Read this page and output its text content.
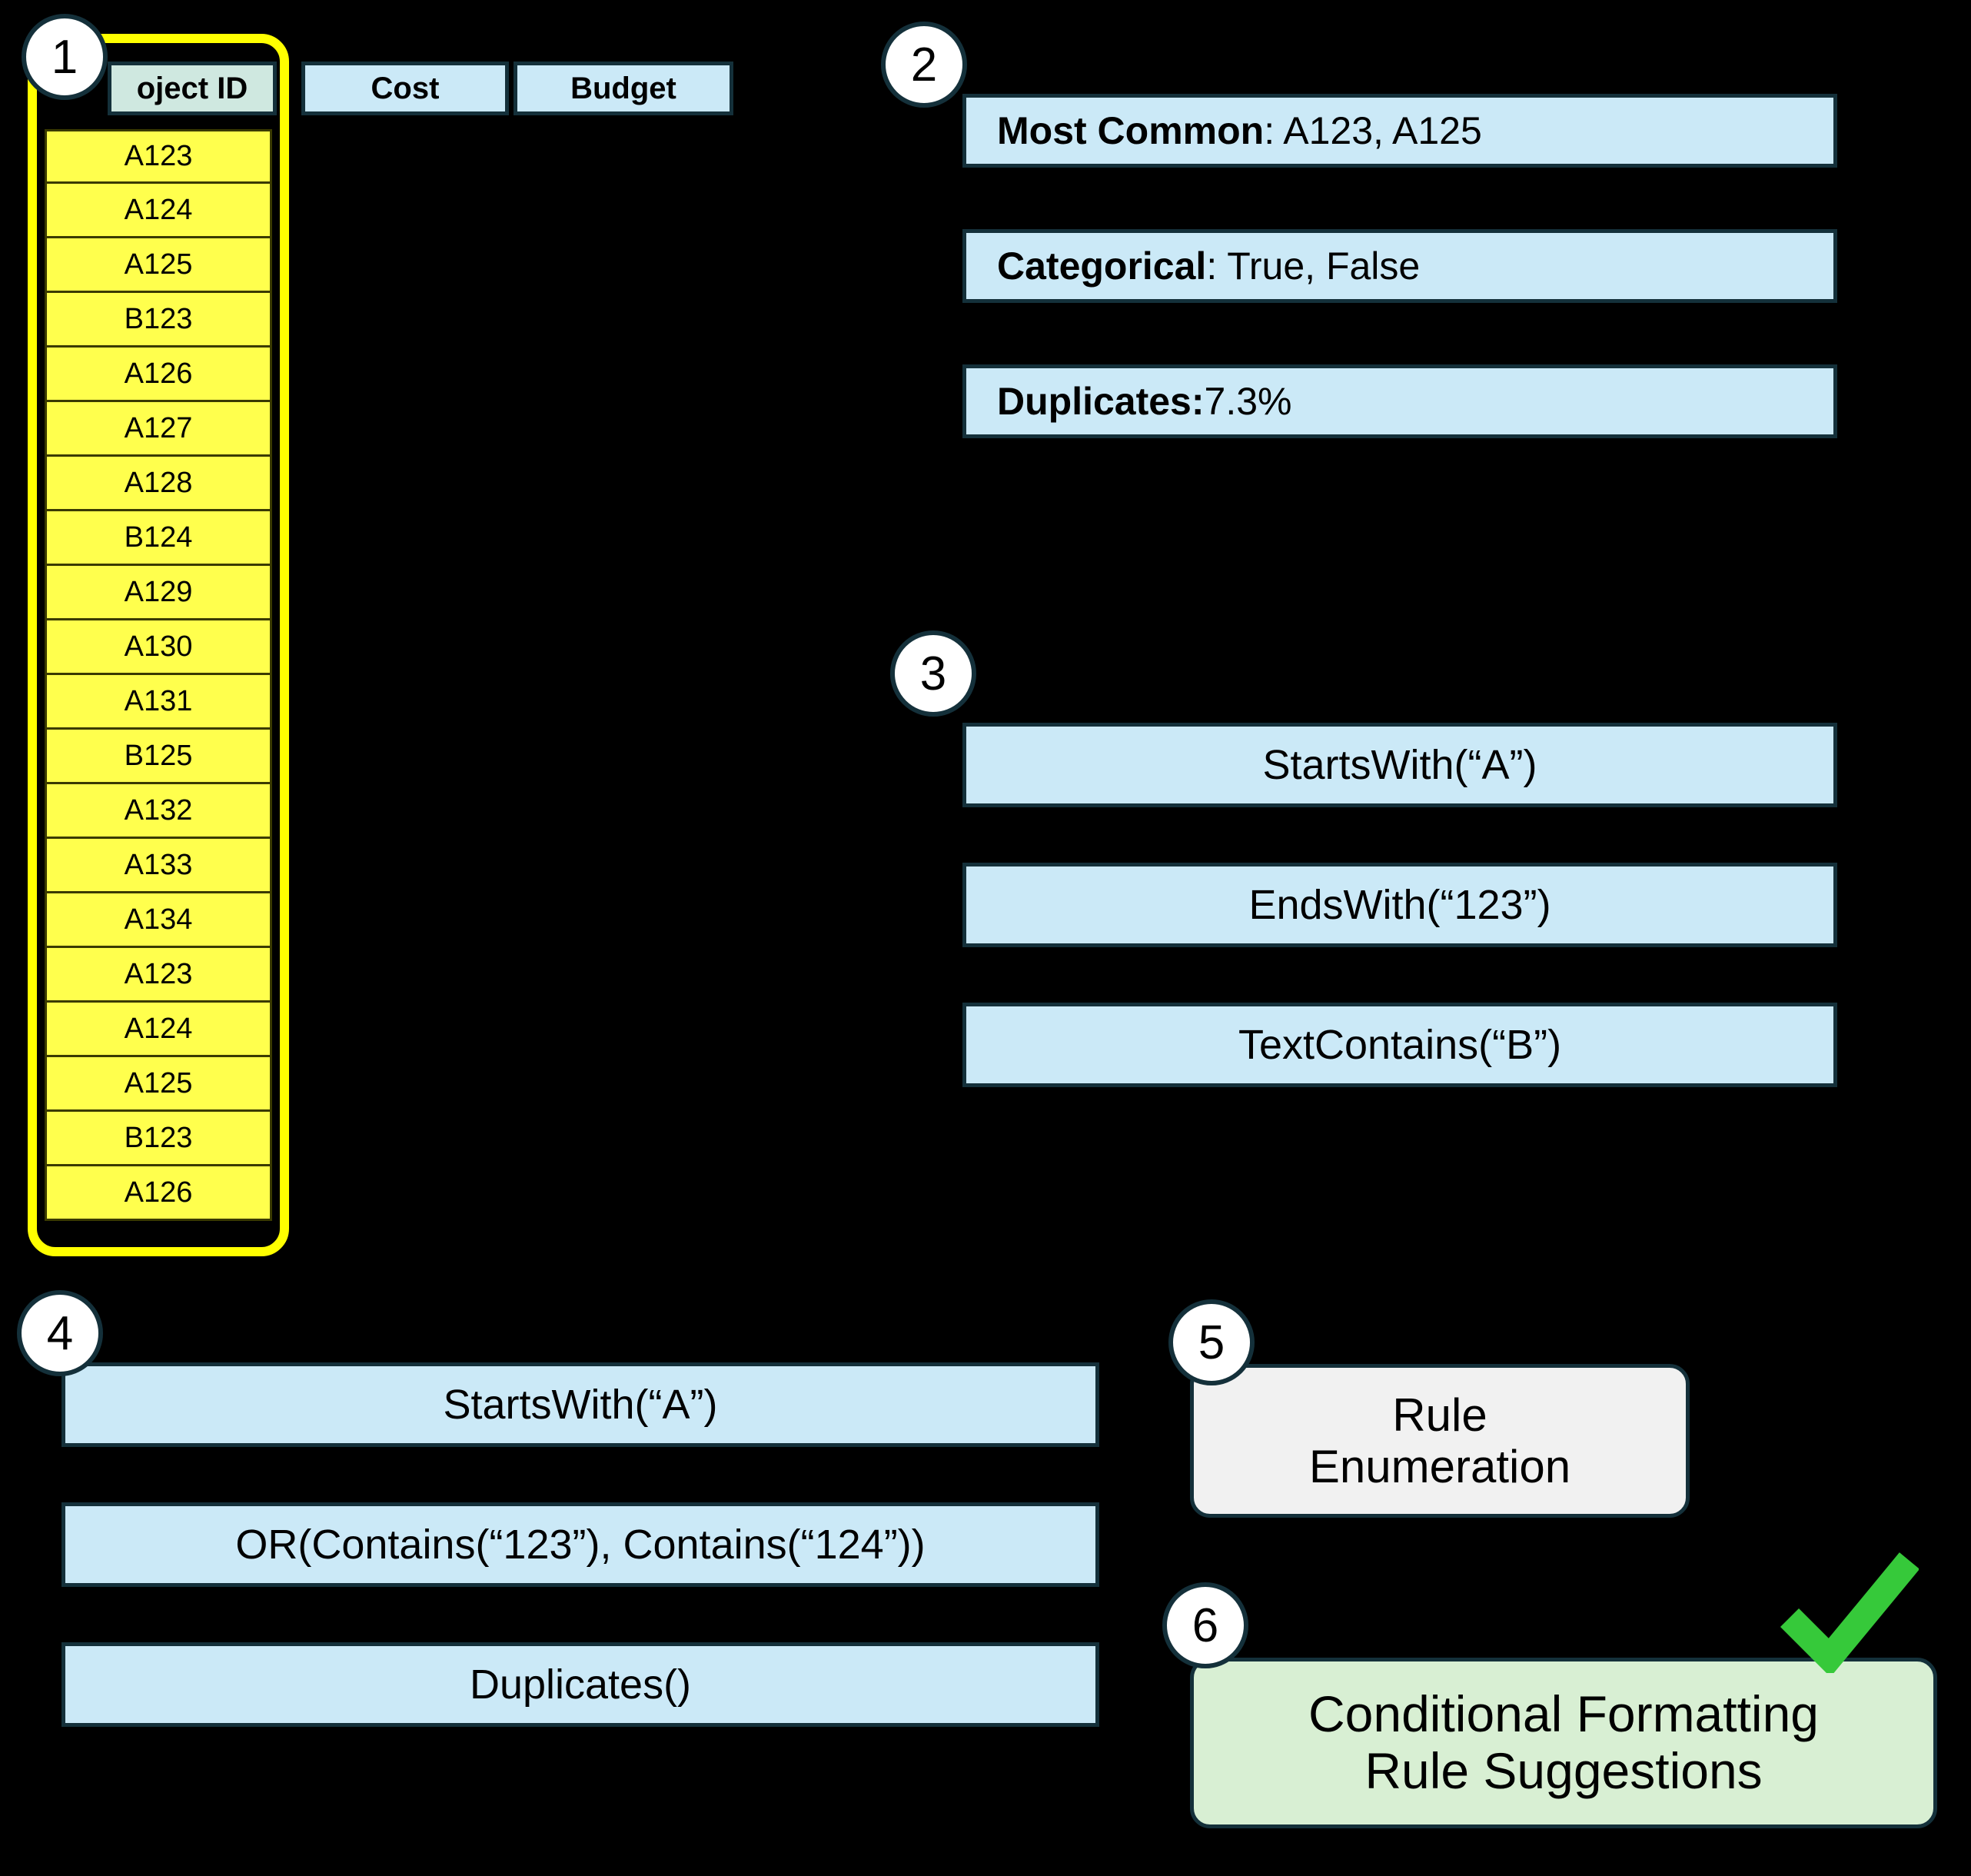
1
oject ID	Cost	Budget
A123
A124
A125
B123
A126
A127
A128
B124
A129
A130
A131
B125
A132
A133
A134
A123
A124
A125
B123
A126
2
Most Common : A123, A125
Categorical : True, False
Duplicates: 7.3%
3
StartsWith(“A”)
EndsWith(“123”)
TextContains(“B”)
4
StartsWith(“A”)
OR(Contains(“123”), Contains(“124”))
Duplicates()
5
Rule
Enumeration
6
Conditional Formatting
Rule Suggestions
